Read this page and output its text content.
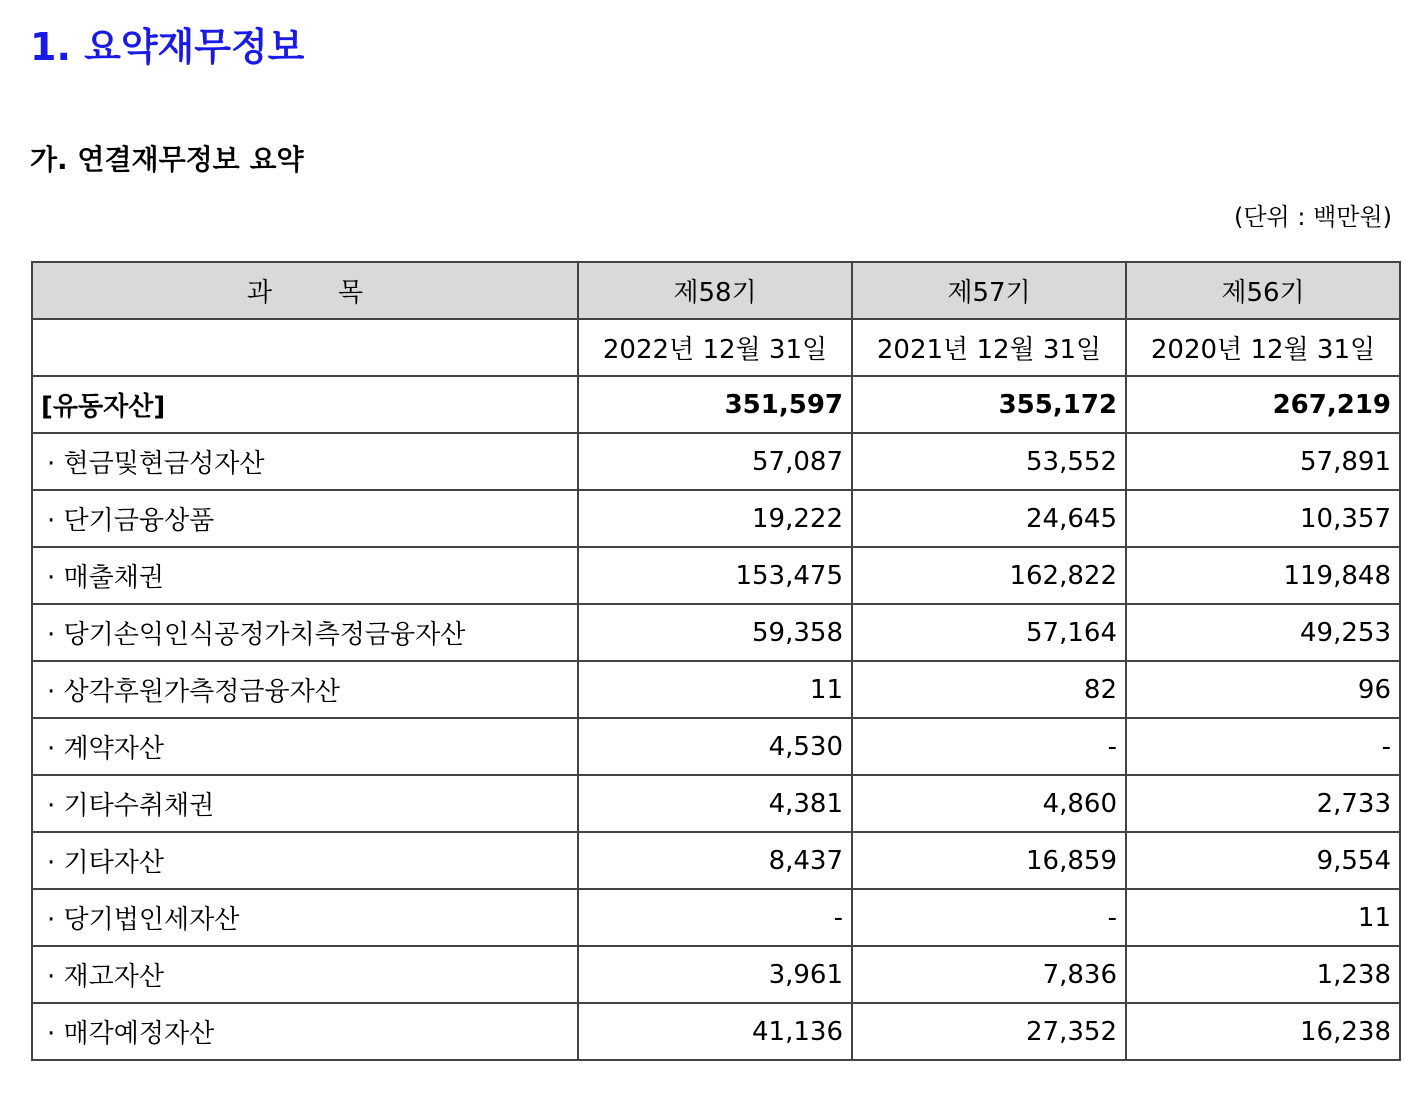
1. 요약재무정보
가. 연결재무정보 요약
(단위 : 백만원)
과        목	제58기	제57기	제56기
	2022년 12월 31일	2021년 12월 31일	2020년 12월 31일
[유동자산]	351,597	355,172	267,219
· 현금및현금성자산	57,087	53,552	57,891
· 단기금융상품	19,222	24,645	10,357
· 매출채권	153,475	162,822	119,848
· 당기손익인식공정가치측정금융자산	59,358	57,164	49,253
· 상각후원가측정금융자산	11	82	96
· 계약자산	4,530	-	-
· 기타수취채권	4,381	4,860	2,733
· 기타자산	8,437	16,859	9,554
· 당기법인세자산	-	-	11
· 재고자산	3,961	7,836	1,238
· 매각예정자산	41,136	27,352	16,238
